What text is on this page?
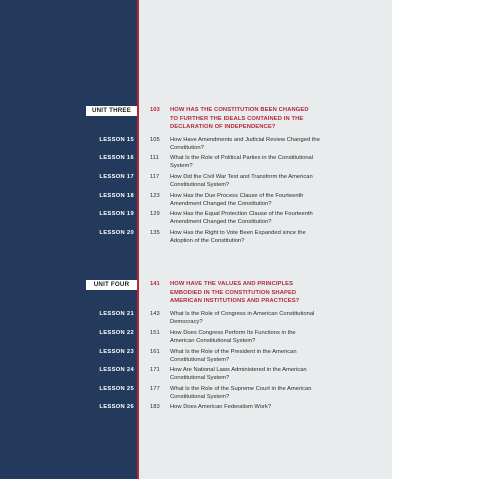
UNIT THREE	103 HOW HAS THE CONSTITUTION BEEN CHANGED TO FURTHER THE IDEALS CONTAINED IN THE DECLARATION OF INDEPENDENCE?
LESSON 15	105 How Have Amendments and Judicial Review Changed the Constitution?
LESSON 16	111 What Is the Role of Political Parties in the Constitutional System?
LESSON 17	117 How Did the Civil War Test and Transform the American Constitutional System?
LESSON 18	123 How Has the Due Process Clause of the Fourteenth Amendment Changed the Constitution?
LESSON 19	129 How Has the Equal Protection Clause of the Fourteenth Amendment Changed the Constitution?
LESSON 20	135 How Has the Right to Vote Been Expanded since the Adoption of the Constitution?
UNIT FOUR	141 HOW HAVE THE VALUES AND PRINCIPLES EMBODIED IN THE CONSTITUTION SHAPED AMERICAN INSTITUTIONS AND PRACTICES?
LESSON 21	143 What Is the Role of Congress in American Constitutional Democracy?
LESSON 22	151 How Does Congress Perform Its Functions in the American Constitutional System?
LESSON 23	161 What Is the Role of the President in the American Constitutional System?
LESSON 24	171 How Are National Laws Administered in the American Constitutional System?
LESSON 25	177 What Is the Role of the Supreme Court in the American Constitutional System?
LESSON 26	183 How Does American Federalism Work?
